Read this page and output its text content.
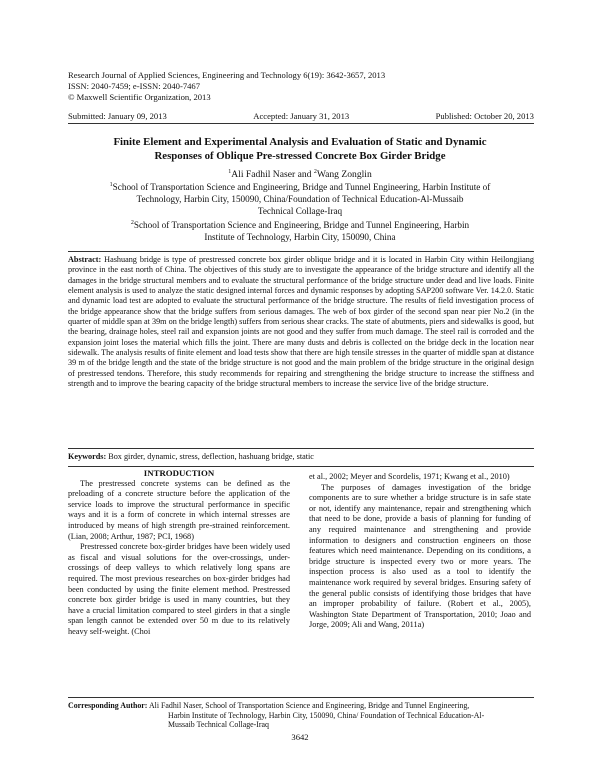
Research Journal of Applied Sciences, Engineering and Technology 6(19): 3642-3657, 2013
ISSN: 2040-7459; e-ISSN: 2040-7467
© Maxwell Scientific Organization, 2013
Submitted: January 09, 2013	Accepted: January 31, 2013	Published: October 20, 2013
Finite Element and Experimental Analysis and Evaluation of Static and Dynamic
Responses of Oblique Pre-stressed Concrete Box Girder Bridge
$^1$Ali Fadhil Naser and $^2$Wang Zonglin
$^1$School of Transportation Science and Engineering, Bridge and Tunnel Engineering, Harbin Institute of
Technology, Harbin City, 150090, China/Foundation of Technical Education-Al-Mussaib
Technical Collage-Iraq
$^2$School of Transportation Science and Engineering, Bridge and Tunnel Engineering, Harbin
Institute of Technology, Harbin City, 150090, China
Abstract: Hashuang bridge is type of prestressed concrete box girder oblique bridge and it is located in Harbin City within Heilongjiang province in the east north of China. The objectives of this study are to investigate the appearance of the bridge structure and identify all the damages in the bridge structural members and to evaluate the structural performance of the bridge structure under dead and live loads. Finite element analysis is used to analyze the static designed internal forces and dynamic responses by adopting SAP200 software Ver. 14.2.0. Static and dynamic load test are adopted to evaluate the structural performance of the bridge structure. The results of field investigation process of the bridge appearance show that the bridge suffers from serious damages. The web of box girder of the second span near pier No.2 (in the quarter of middle span at 39m on the bridge length) suffers from serious shear cracks. The state of abutments, piers and sidewalks is good, but the bearing, drainage holes, steel rail and expansion joints are not good and they suffer from much damage. The steel rail is corroded and the expansion joint loses the material which fills the joint. There are many dusts and debris is collected on the bridge deck in the location near sidewalk. The analysis results of finite element and load tests show that there are high tensile stresses in the quarter of middle span at distance 39 m of the bridge length and the state of the bridge structure is not good and the main problem of the bridge structure in the original design of prestressed tendons. Therefore, this study recommends for repairing and strengthening the bridge structure to increase the stiffness and strength and to improve the bearing capacity of the bridge structural members to increase the service live of the bridge structure.
Keywords: Box girder, dynamic, stress, deflection, hashuang bridge, static

INTRODUCTION

The prestressed concrete systems can be defined as the preloading of a concrete structure before the application of the service loads to improve the structural performance in specific ways and it is a form of concrete in which internal stresses are introduced by means of high strength pre-strained reinforcement. (Lian, 2008; Arthur, 1987; PCI, 1968)

Prestressed concrete box-girder bridges have been widely used as fiscal and visual solutions for the over-crossings, under-crossings of deep valleys to which relatively long spans are required. The most previous researches on box-girder bridges had been conducted by using the finite element method. Prestressed concrete box girder bridge is used in many countries, but they have a crucial limitation compared to steel girders in that a single span length cannot be extended over 50 m due to its relatively heavy self-weight. (Choi

et al., 2002; Meyer and Scordelis, 1971; Kwang et al., 2010)

The purposes of damages investigation of the bridge components are to sure whether a bridge structure is in safe state or not, identify any maintenance, repair and strengthening which that need to be done, provide a basis of planning for funding of any required maintenance and strengthening and provide information to designers and construction engineers on those features which need maintenance. Depending on its conditions, a bridge structure is inspected every two or more years. The inspection process is also used as a tool to identify the maintenance work required by several bridges. Ensuring safety of the general public consists of identifying those bridges that have an improper probability of failure. (Robert et al., 2005), Washington State Department of Transportation, 2010; Joao and Jorge, 2009; Ali and Wang, 2011a)

Corresponding Author: Ali Fadhil Naser, School of Transportation Science and Engineering, Bridge and Tunnel Engineering,
Harbin Institute of Technology, Harbin City, 150090, China/ Foundation of Technical Education-Al-
Mussaib Technical Collage-Iraq
3642
